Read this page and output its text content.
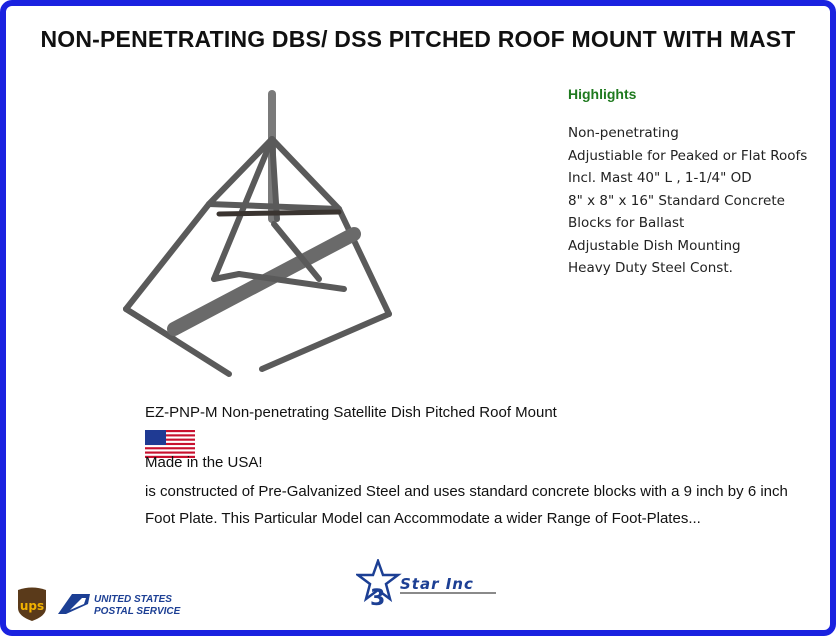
NON-PENETRATING DBS/ DSS PITCHED ROOF MOUNT WITH MAST
Highlights
Non-penetrating
Adjustiable for Peaked or Flat Roofs
Incl. Mast 40" L , 1-1/4" OD
8" x 8" x 16" Standard Concrete Blocks for Ballast
Adjustable Dish Mounting
Heavy Duty Steel Const.
EZ-PNP-M Non-penetrating Satellite Dish Pitched Roof Mount
Made in the USA!
is constructed of Pre-Galvanized Steel and uses standard concrete blocks with a 9 inch by 6 inch Foot Plate. This Particular Model can Accommodate a wider Range of Foot-Plates...
3
Star Inc
ups	UNITED STATES
POSTAL SERVICE
